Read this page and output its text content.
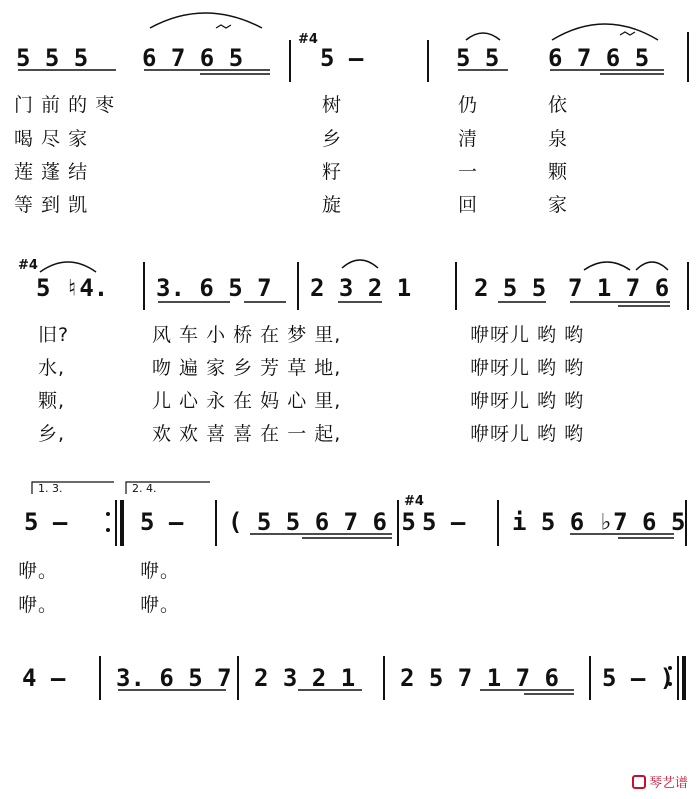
5 5 5 6 7 6 5
#4
5 –	5 5 6 7 6 5
门 前 的 枣	树	仍	依
喝 尽 家	乡	清	泉
莲 蓬 结	籽	一	颗
等 到 凯	旋	回	家
#4
5 ♮4. 3. 6 5 7 2 3 2 1	2 5 5 7 1 7 6
旧?	风 车 小 桥 在 梦 里,	咿呀儿 哟 哟
水,	吻 遍 家 乡 芳 草 地,	咿呀儿 哟 哟
颗,	儿 心 永 在 妈 心 里,	咿呀儿 哟 哟
乡,	欢 欢 喜 喜 在 一 起,	咿呀儿 哟 哟
1. 3.	2. 4.
5 –	5 – ( 5 5 6 7 6 5
#4
5 – i 5 6 ♭7 6 5
咿。	咿。
咿。	咿。
4 – 3. 6 5 7 2 3 2 1 2 5 7 1 7 6 5 – )
琴艺谱
